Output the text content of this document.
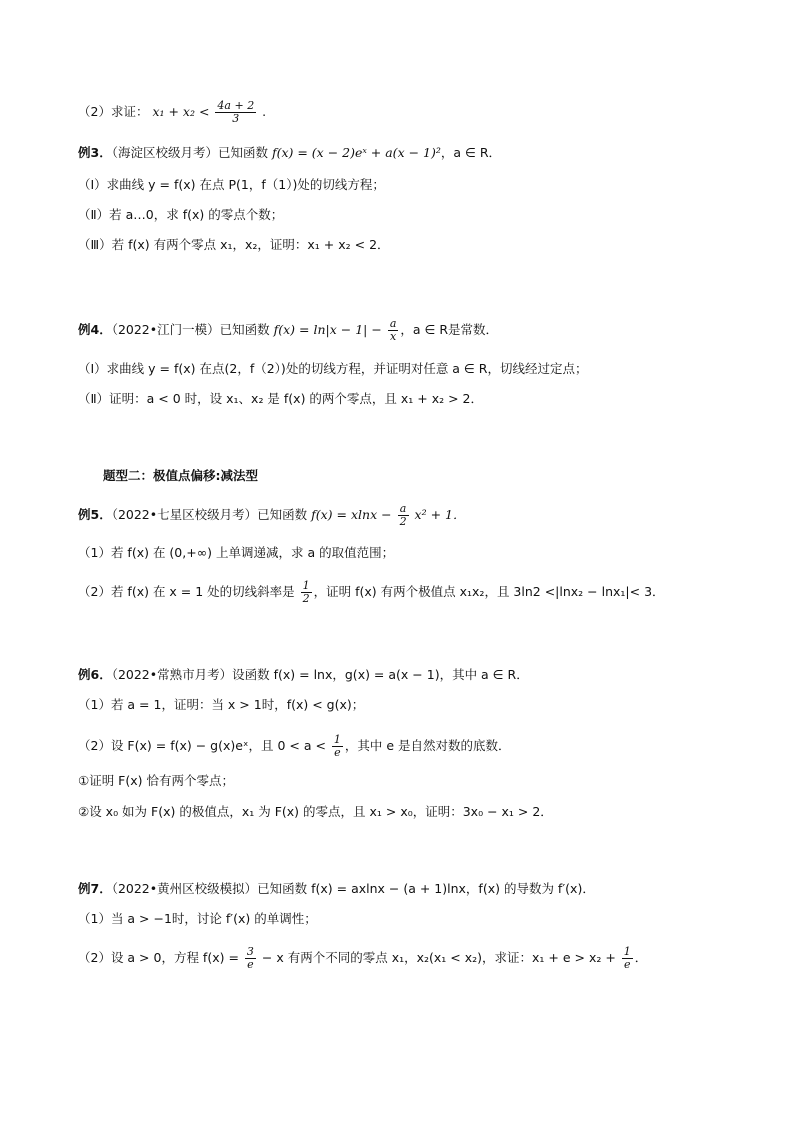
（2）求证： $x_1 + x_2 < \frac{4a + 2}{3}$ .
例3．（海淀区校级月考）已知函数 f(x) = (x − 2)eˣ + a(x − 1)²，a ∈ R．
（Ⅰ）求曲线 y = f(x) 在点 P(1，f（1）)处的切线方程；
（Ⅱ）若 a…0，求 f(x) 的零点个数；
（Ⅲ）若 f(x) 有两个零点 x₁，x₂，证明：x₁ + x₂ < 2．
例4．（2022•江门一模）已知函数 $f(x) = \ln|x - 1| - \frac{a}{x}$ ，a ∈ R是常数．
（Ⅰ）求曲线 y = f(x) 在点(2，f（2）)处的切线方程，并证明对任意 a ∈ R，切线经过定点；
（Ⅱ）证明：a < 0 时，设 x₁、x₂ 是 f(x) 的两个零点，且 x₁ + x₂ > 2．
题型二：极值点偏移:减法型
例5．（2022•七星区校级月考）已知函数 $f(x) = xlnx - \frac{a}{2} x^2 + 1$．
（1）若 f(x) 在 (0,+∞) 上单调递减，求 a 的取值范围；
（2）若 f(x) 在 x = 1 处的切线斜率是 $\frac{1}{2}$ ，证明 f(x) 有两个极值点 x₁x₂，且 3ln2 <|lnx₂ − lnx₁|< 3．
例6．（2022•常熟市月考）设函数 f(x) = lnx，g(x) = a(x − 1)，其中 a ∈ R．
（1）若 a = 1，证明：当 x > 1时，f(x) < g(x)；
（2）设 F(x) = f(x) − g(x)eˣ，且 $0 < a < \frac{1}{e}$ ，其中 e 是自然对数的底数．
①证明 F(x) 恰有两个零点；
②设 x₀ 如为 F(x) 的极值点，x₁ 为 F(x) 的零点，且 x₁ > x₀，证明：3x₀ − x₁ > 2．
例7．（2022•黄州区校级模拟）已知函数 f(x) = axlnx − (a + 1)lnx，f(x) 的导数为 f′(x)．
（1）当 a > −1时，讨论 f′(x) 的单调性；
（2）设 a > 0，方程 $f(x) = \frac{3}{e} - x$ 有两个不同的零点 x₁，x₂(x₁ < x₂)，求证：$x_1 + e > x_2 + \frac{1}{e}$ ．
